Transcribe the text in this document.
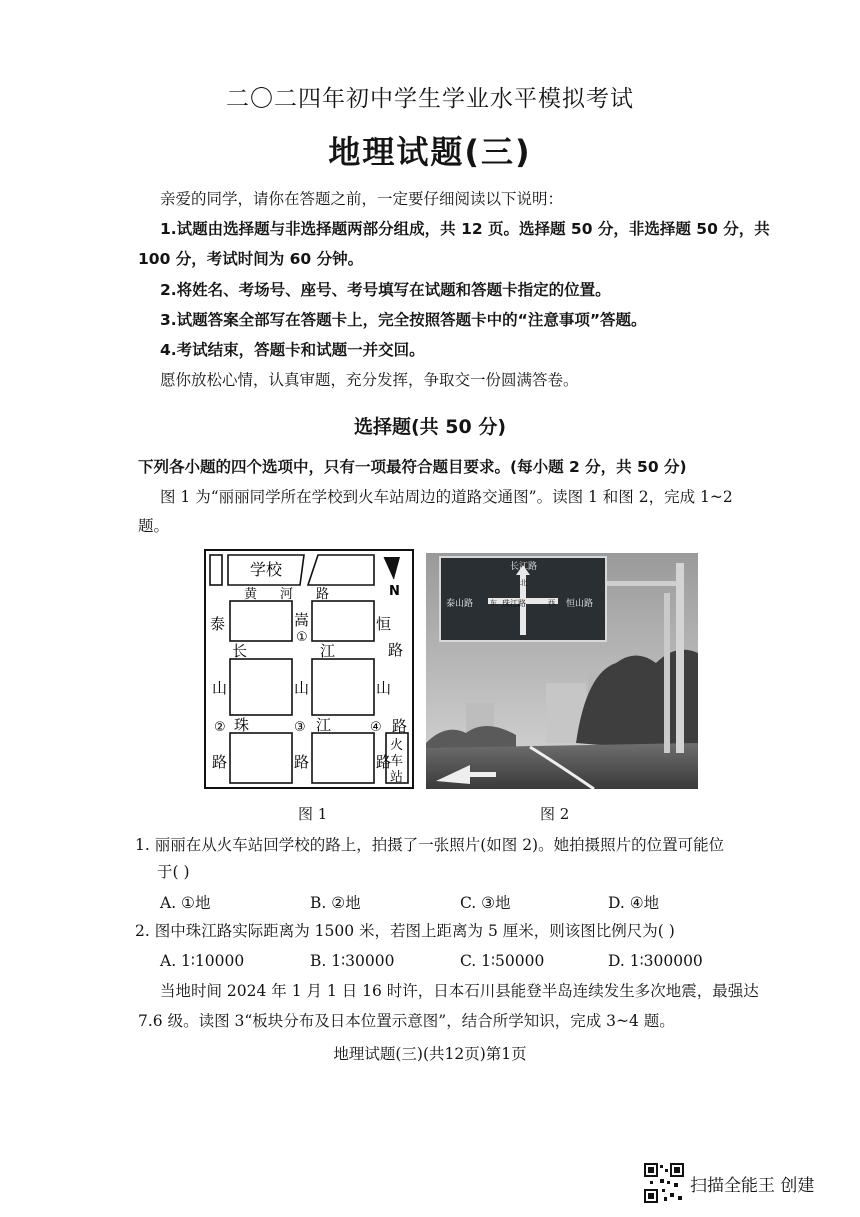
二〇二四年初中学生学业水平模拟考试
地理试题(三)
亲爱的同学，请你在答题之前，一定要仔细阅读以下说明：
1.试题由选择题与非选择题两部分组成，共 12 页。选择题 50 分，非选择题 50 分，共
100 分，考试时间为 60 分钟。
2.将姓名、考场号、座号、考号填写在试题和答题卡指定的位置。
3.试题答案全部写在答题卡上，完全按照答题卡中的“注意事项”答题。
4.考试结束，答题卡和试题一并交回。
愿你放松心情，认真审题，充分发挥，争取交一份圆满答卷。
选择题(共 50 分)
下列各小题的四个选项中，只有一项最符合题目要求。(每小题 2 分，共 50 分)
图 1 为“丽丽同学所在学校到火车站周边的道路交通图”。读图 1 和图 2，完成 1~2
题。
N
学校
黄 河 路
长	江	路
珠	江	路
泰
山
路
嵩
山
路
恒
山
路
①
②	③	④
火
车
站
长江路
泰山路	珠江路
东	西
北
恒山路
图 1	图 2
1. 丽丽在从火车站回学校的路上，拍摄了一张照片(如图 2)。她拍摄照片的位置可能位
于( )
A. ①地	B. ②地	C. ③地	D. ④地
2. 图中珠江路实际距离为 1500 米，若图上距离为 5 厘米，则该图比例尺为( )
A. 1∶10000	B. 1∶30000	C. 1∶50000	D. 1∶300000
当地时间 2024 年 1 月 1 日 16 时许，日本石川县能登半岛连续发生多次地震，最强达
7.6 级。读图 3“板块分布及日本位置示意图”，结合所学知识，完成 3~4 题。
地理试题(三)(共12页)第1页
扫描全能王 创建
